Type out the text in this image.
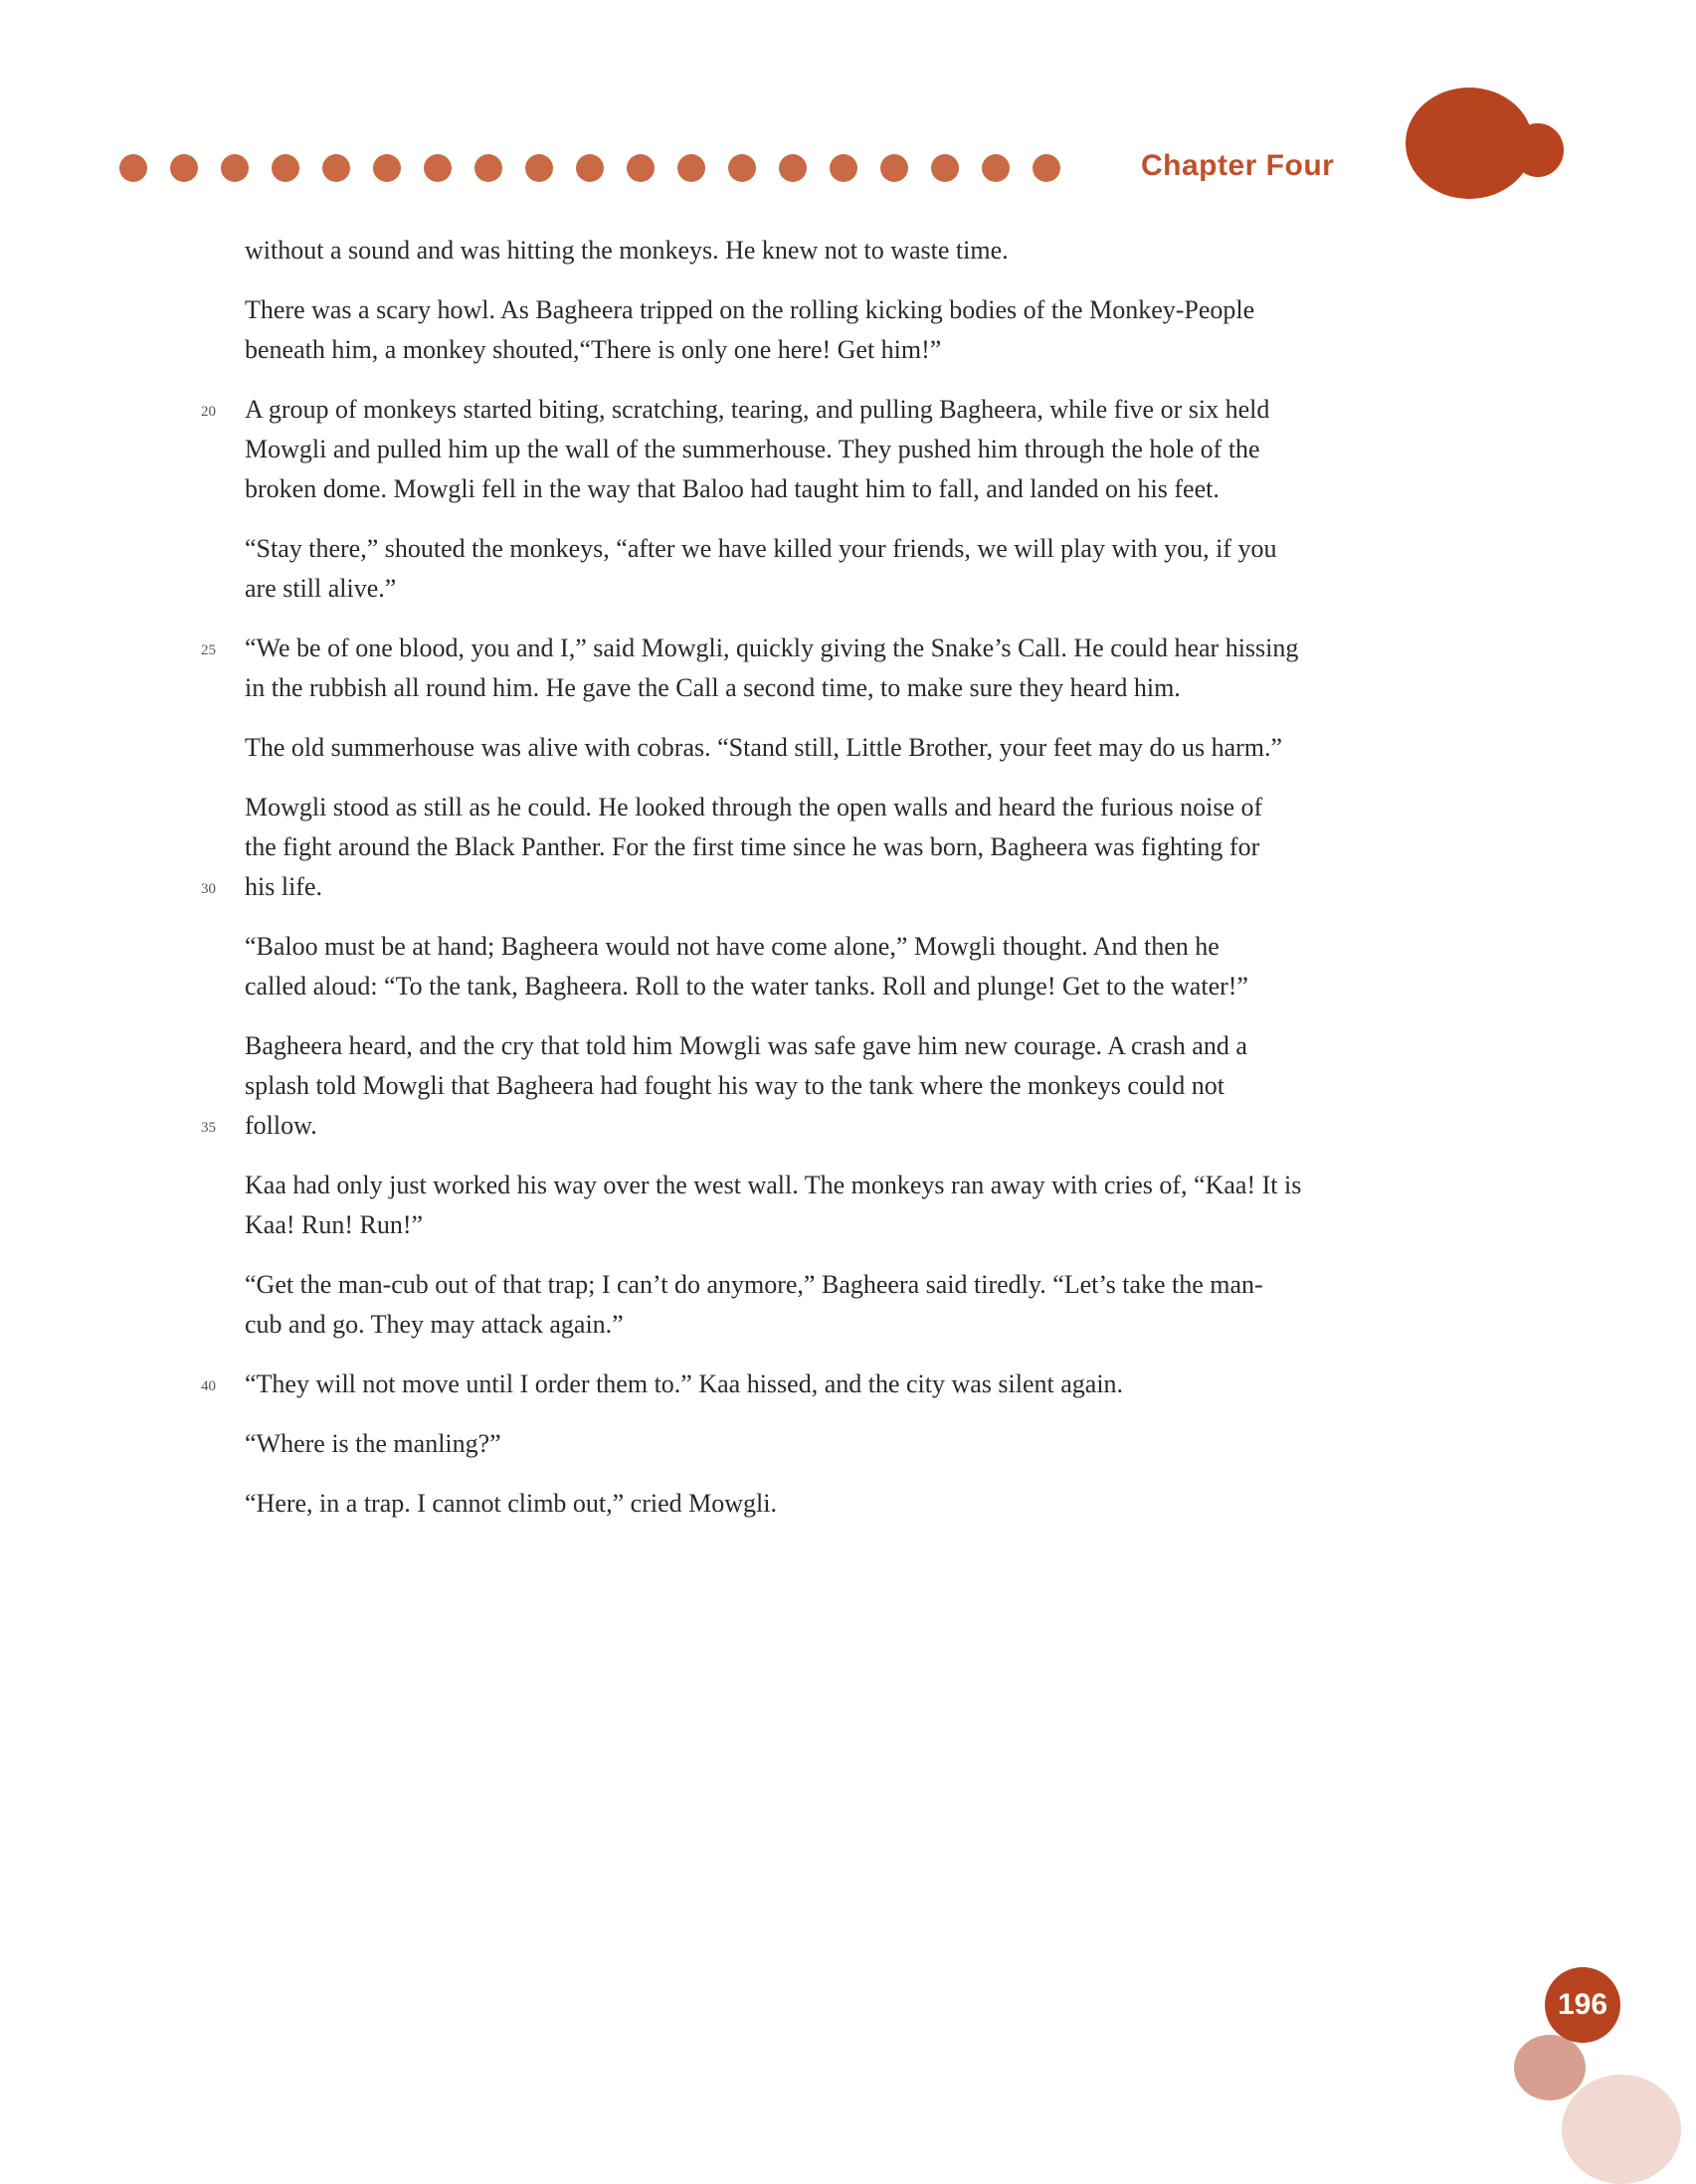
Chapter Four

without a sound and was hitting the monkeys. He knew not to waste time.

There was a scary howl. As Bagheera tripped on the rolling kicking bodies of the Monkey-People
beneath him, a monkey shouted,“There is only one here! Get him!”

A group of monkeys started biting, scratching, tearing, and pulling Bagheera, while five or six held
20
Mowgli and pulled him up the wall of the summerhouse. They pushed him through the hole of the
broken dome. Mowgli fell in the way that Baloo had taught him to fall, and landed on his feet.

“Stay there,” shouted the monkeys, “after we have killed your friends, we will play with you, if you
are still alive.”

“We be of one blood, you and I,” said Mowgli, quickly giving the Snake’s Call. He could hear hissing
25
in the rubbish all round him. He gave the Call a second time, to make sure they heard him.

The old summerhouse was alive with cobras. “Stand still, Little Brother, your feet may do us harm.”

Mowgli stood as still as he could. He looked through the open walls and heard the furious noise of
the fight around the Black Panther. For the first time since he was born, Bagheera was fighting for
his life.
30

“Baloo must be at hand; Bagheera would not have come alone,” Mowgli thought. And then he
called aloud: “To the tank, Bagheera. Roll to the water tanks. Roll and plunge! Get to the water!”

Bagheera heard, and the cry that told him Mowgli was safe gave him new courage. A crash and a
splash told Mowgli that Bagheera had fought his way to the tank where the monkeys could not
follow.
35

Kaa had only just worked his way over the west wall. The monkeys ran away with cries of, “Kaa! It is
Kaa! Run! Run!”

“Get the man-cub out of that trap; I can’t do anymore,” Bagheera said tiredly. “Let’s take the man-
cub and go. They may attack again.”

“They will not move until I order them to.” Kaa hissed, and the city was silent again.
40

“Where is the manling?”

“Here, in a trap. I cannot climb out,” cried Mowgli.

196
